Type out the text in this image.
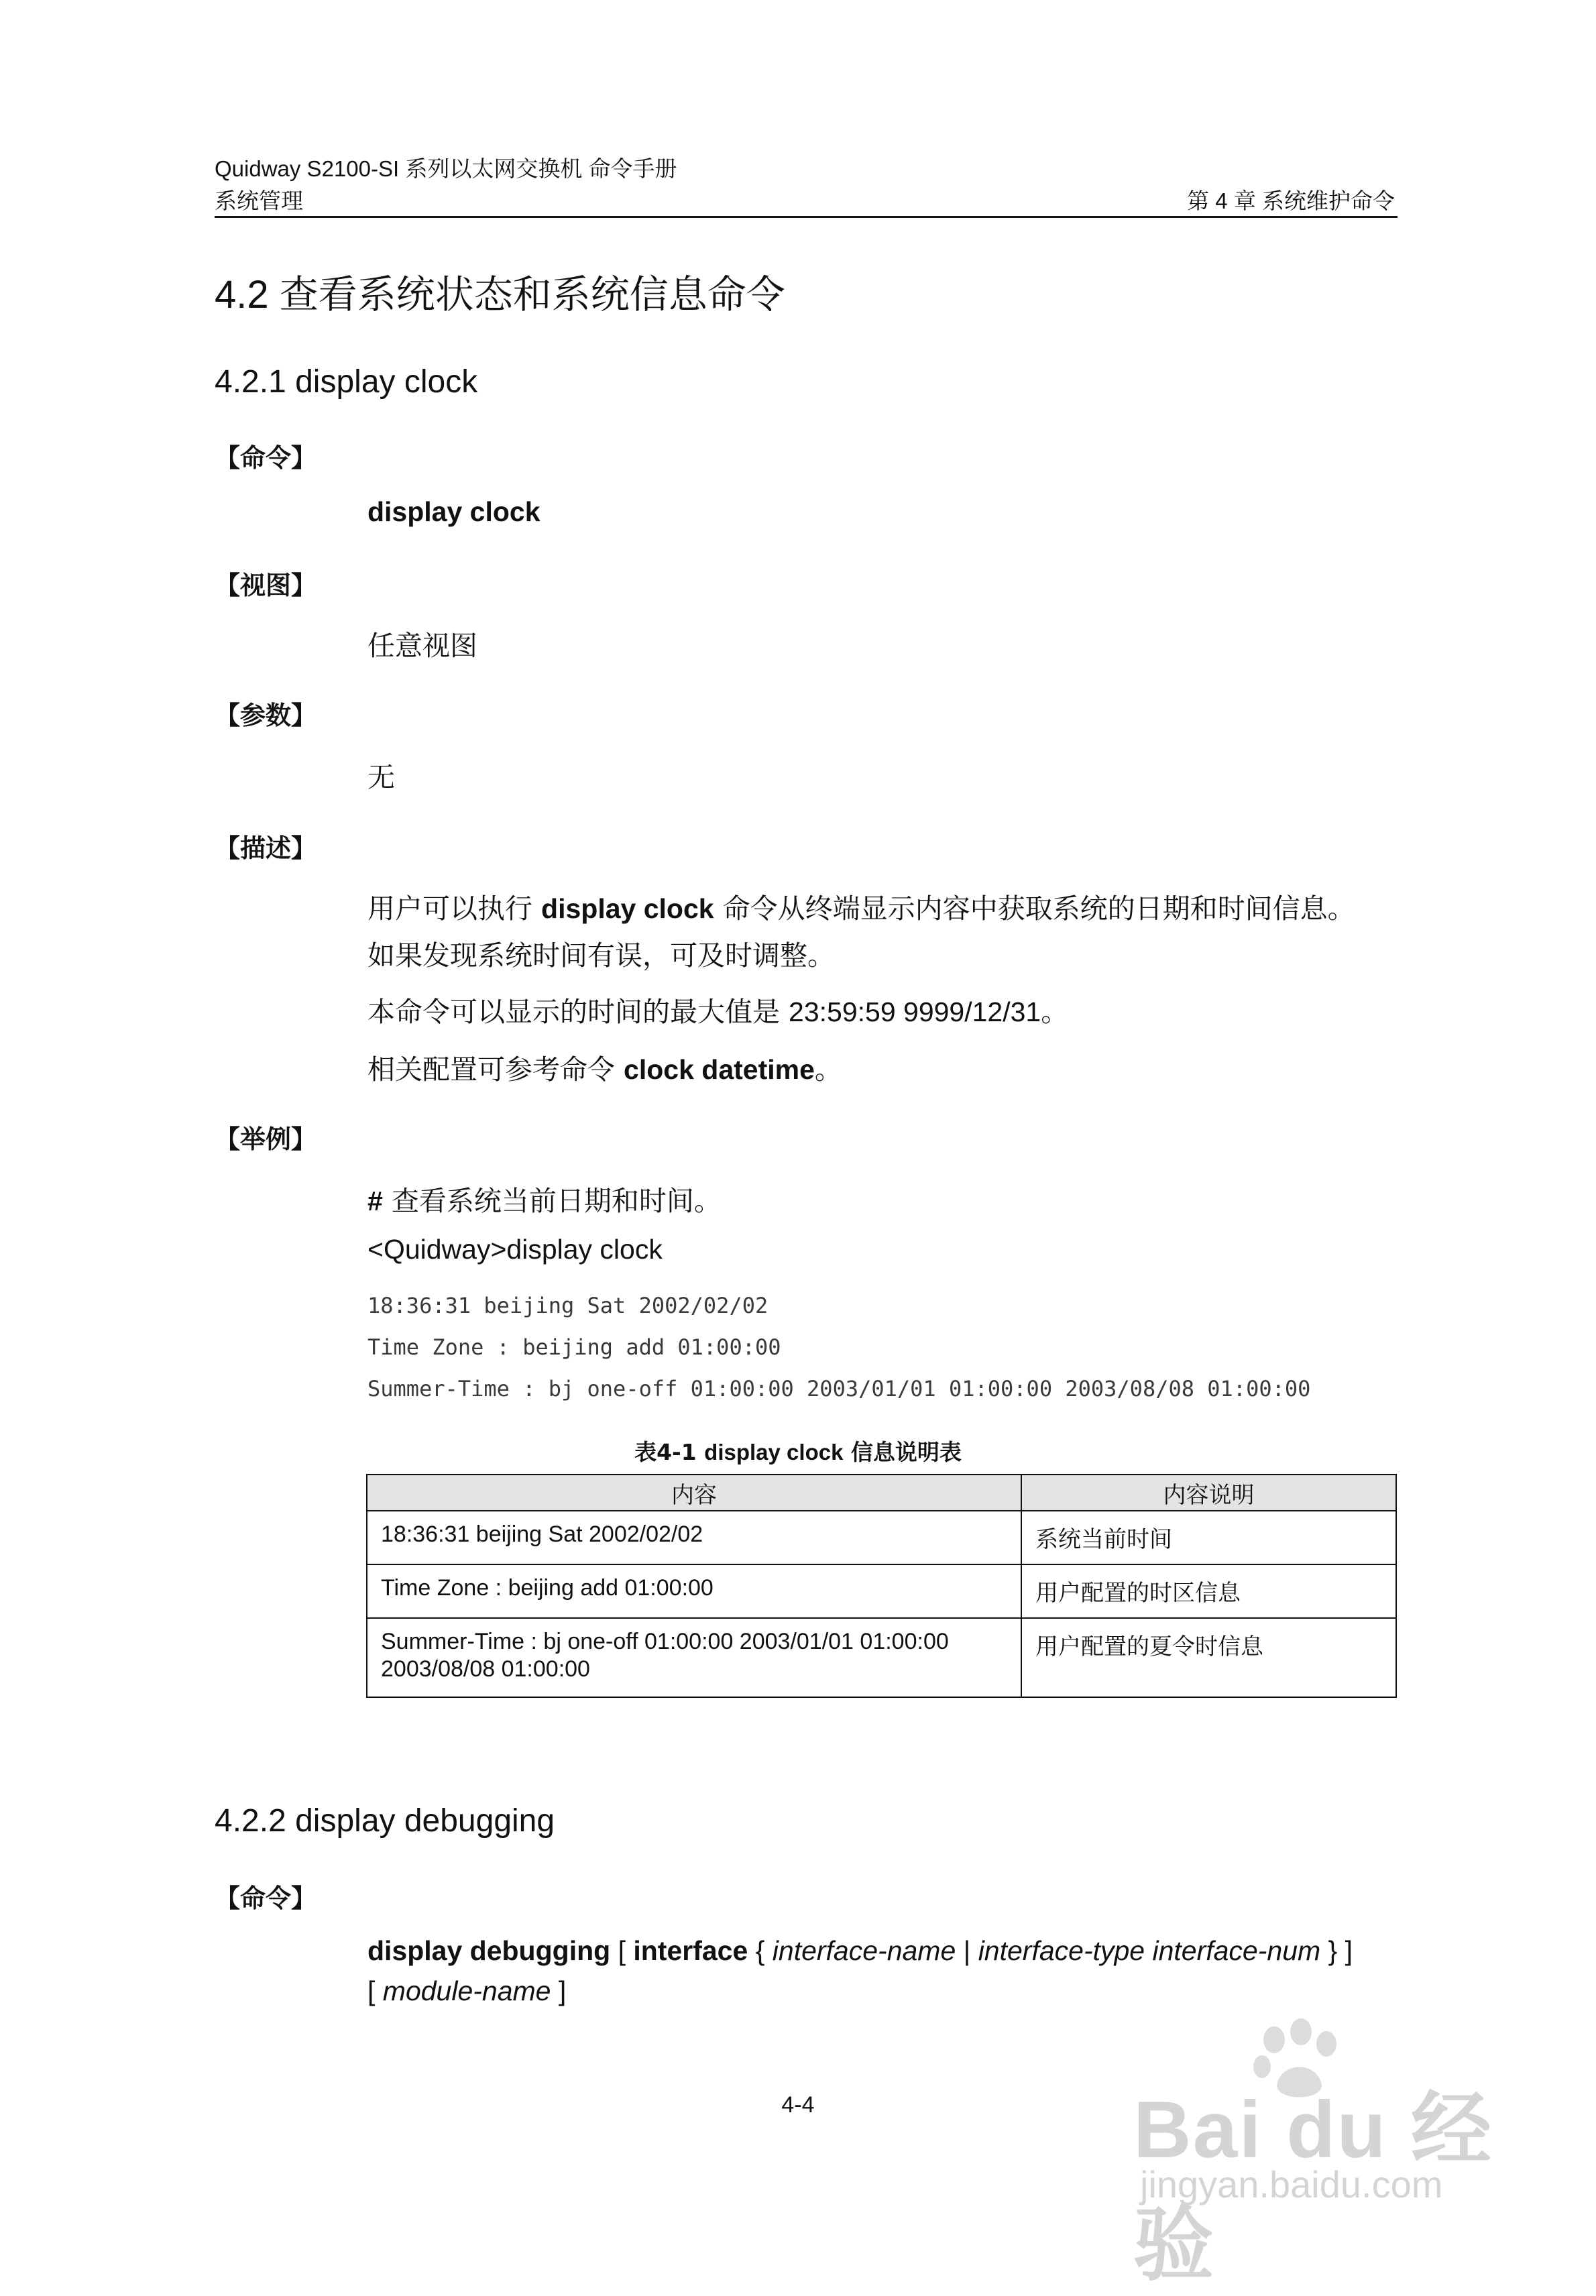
Quidway S2100-SI 系列以太网交换机 命令手册
系统管理	第 4 章 系统维护命令
4.2 查看系统状态和系统信息命令
4.2.1 display clock
【命令】
display clock
【视图】
任意视图
【参数】
无
【描述】
用户可以执行 display clock 命令从终端显示内容中获取系统的日期和时间信息。
如果发现系统时间有误，可及时调整。
本命令可以显示的时间的最大值是 23:59:59 9999/12/31。
相关配置可参考命令 clock datetime。
【举例】
# 查看系统当前日期和时间。
<Quidway>display clock
18:36:31 beijing Sat 2002/02/02
Time Zone : beijing add 01:00:00
Summer-Time : bj one-off 01:00:00 2003/01/01 01:00:00 2003/08/08 01:00:00
表4-1 display clock 信息说明表
内容	内容说明
18:36:31 beijing Sat 2002/02/02	系统当前时间
Time Zone : beijing add 01:00:00	用户配置的时区信息
Summer-Time : bj one-off 01:00:00 2003/01/01 01:00:00 2003/08/08 01:00:00	用户配置的夏令时信息
4.2.2 display debugging
【命令】
display debugging [ interface { interface-name | interface-type interface-num } ]
[ module-name ]
4-4	Bai du 经验
jingyan.baidu.com
